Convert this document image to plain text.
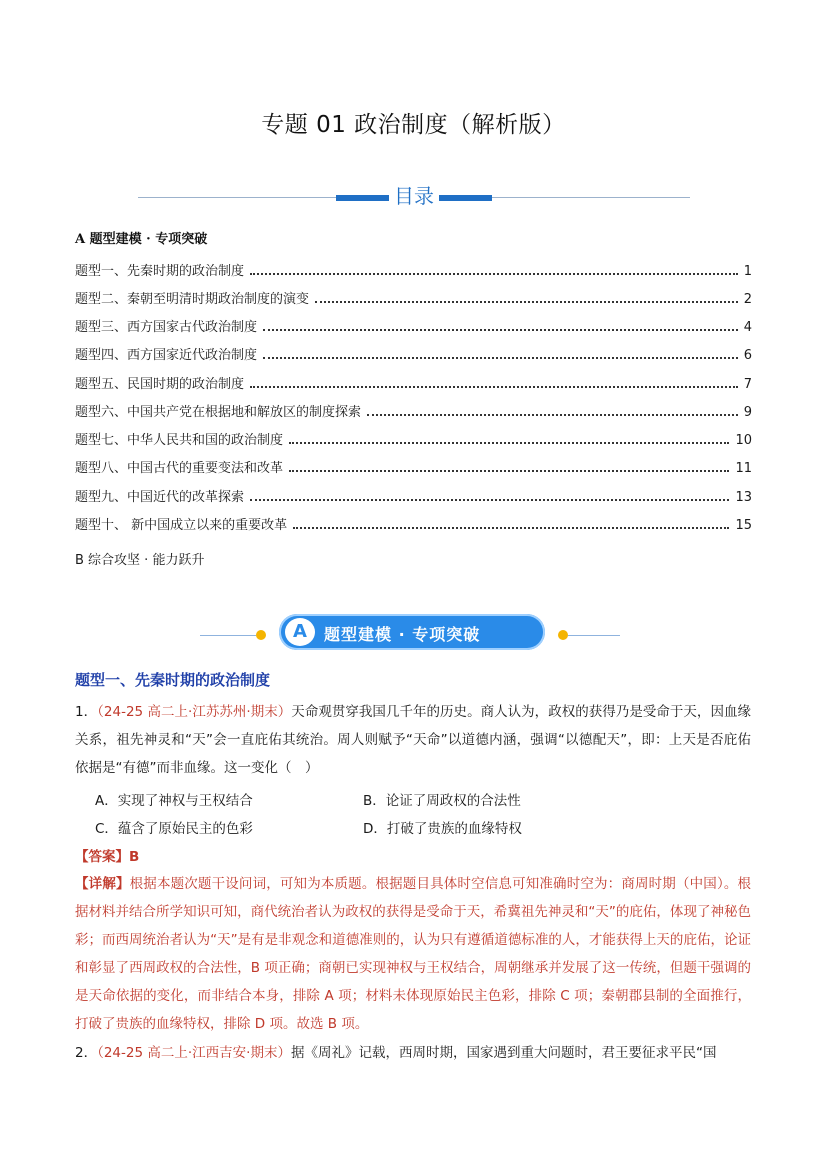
专题 01 政治制度（解析版）
目录
A 题型建模 · 专项突破
题型一、先秦时期的政治制度	1
题型二、秦朝至明清时期政治制度的演变	2
题型三、西方国家古代政治制度	4
题型四、西方国家近代政治制度	6
题型五、民国时期的政治制度	7
题型六、中国共产党在根据地和解放区的制度探索	9
题型七、中华人民共和国的政治制度	10
题型八、中国古代的重要变法和改革	11
题型九、中国近代的改革探索	13
题型十、 新中国成立以来的重要改革	15
B 综合攻坚 · 能力跃升
A	题型建模 · 专项突破
题型一、先秦时期的政治制度
1．（24-25 高二上·江苏苏州·期末）天命观贯穿我国几千年的历史。商人认为，政权的获得乃是受命于天，因血缘关系，祖先神灵和“天”会一直庇佑其统治。周人则赋予“天命”以道德内涵，强调“以德配天”，即：上天是否庇佑依据是“有德”而非血缘。这一变化（　）
A．实现了神权与王权结合	B．论证了周政权的合法性
C．蕴含了原始民主的色彩	D．打破了贵族的血缘特权
【答案】B
【详解】根据本题次题干设问词，可知为本质题。根据题目具体时空信息可知准确时空为：商周时期（中国）。根据材料并结合所学知识可知，商代统治者认为政权的获得是受命于天，希冀祖先神灵和“天”的庇佑，体现了神秘色彩；而西周统治者认为“天”是有是非观念和道德准则的，认为只有遵循道德标准的人，才能获得上天的庇佑，论证和彰显了西周政权的合法性，B 项正确；商朝已实现神权与王权结合，周朝继承并发展了这一传统，但题干强调的是天命依据的变化，而非结合本身，排除 A 项；材料未体现原始民主色彩，排除 C 项；秦朝郡县制的全面推行，打破了贵族的血缘特权，排除 D 项。故选 B 项。
2．（24-25 高二上·江西吉安·期末）据《周礼》记载，西周时期，国家遇到重大问题时，君王要征求平民“国
